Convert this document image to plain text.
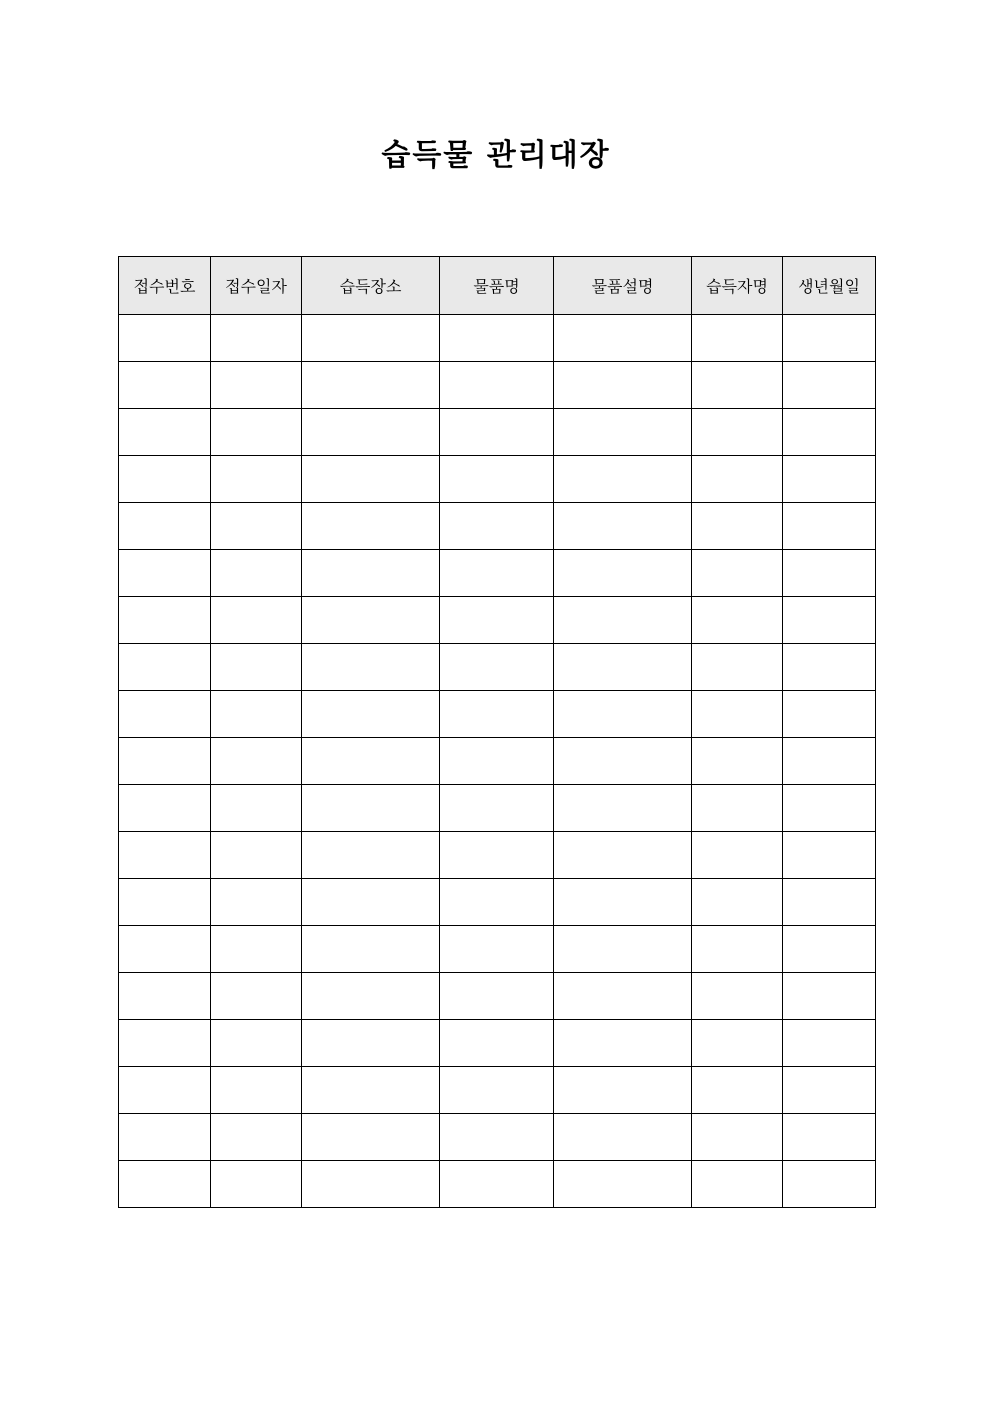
습득물 관리대장
접수번호	접수일자	습득장소	물품명	물품설명	습득자명	생년월일
